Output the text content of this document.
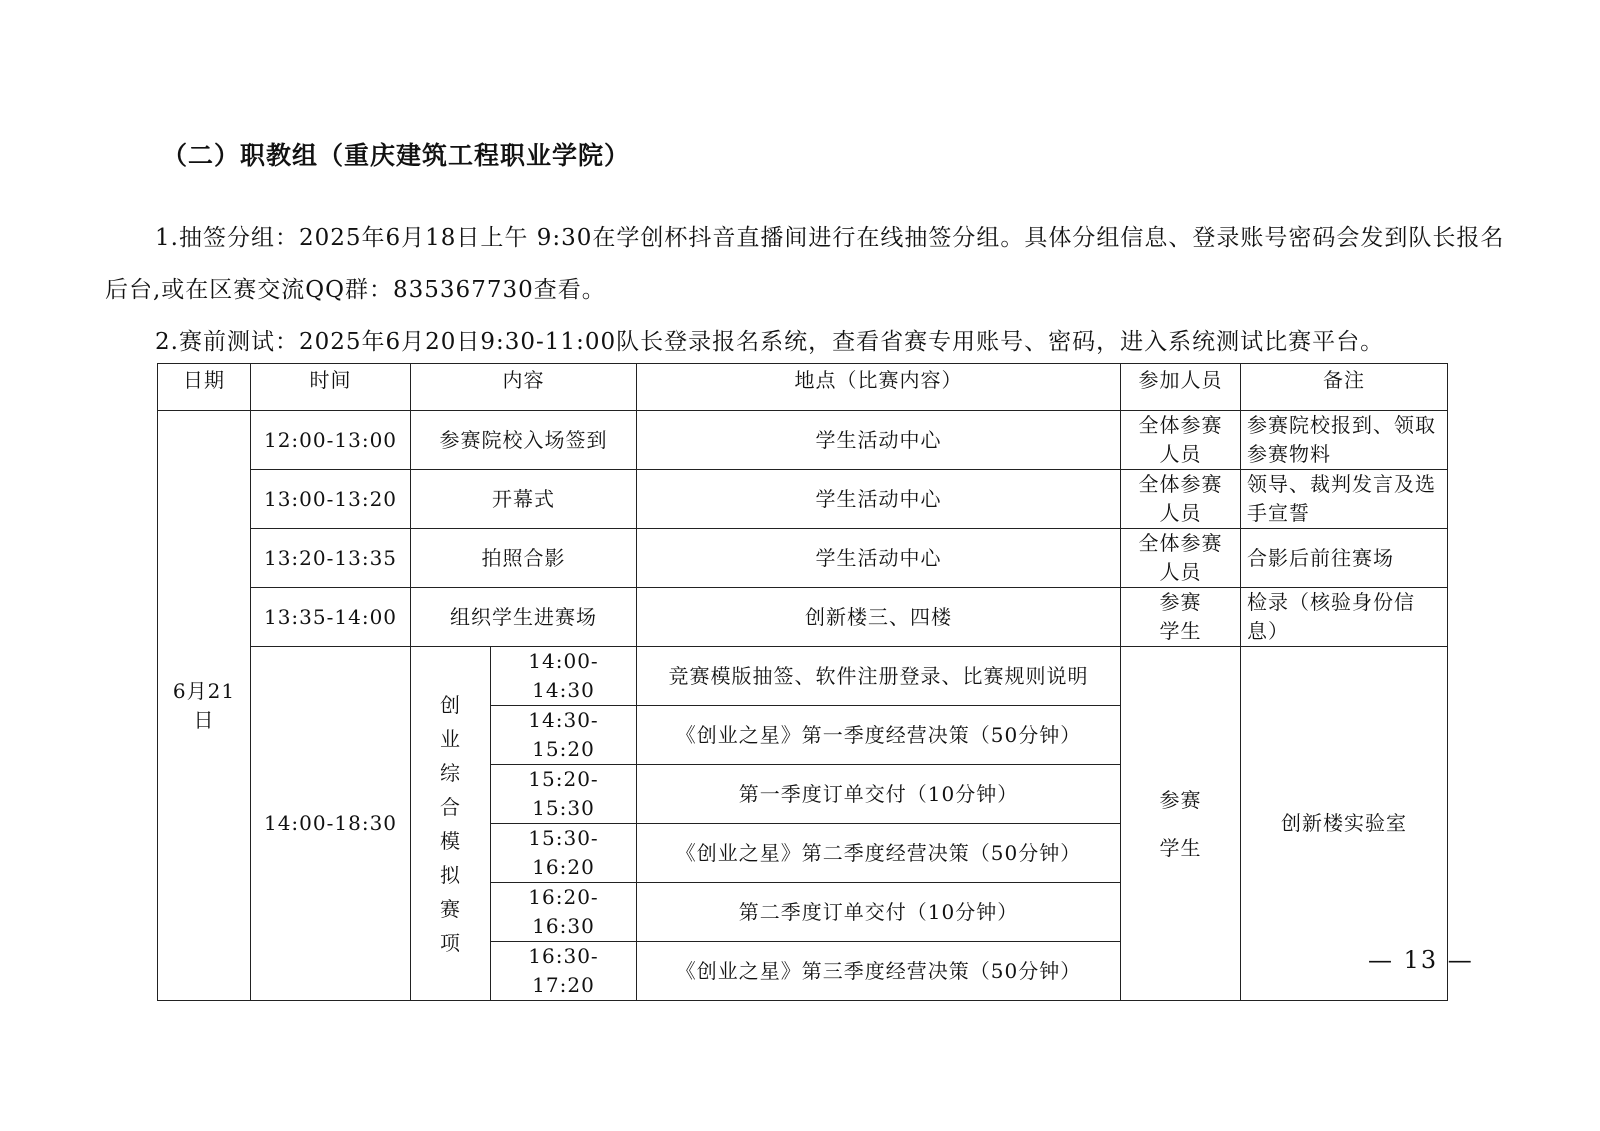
（二）职教组（重庆建筑工程职业学院）
1.抽签分组：2025年6月18日上午 9:30在学创杯抖音直播间进行在线抽签分组。具体分组信息、登录账号密码会发到队长报名后台,或在区赛交流QQ群：835367730查看。
2.赛前测试：2025年6月20日9:30-11:00队长登录报名系统，查看省赛专用账号、密码，进入系统测试比赛平台。
日期	时间	内容		地点（比赛内容）	参加人员	备注
6月21日	12:00-13:00	参赛院校入场签到		学生活动中心	全体参赛人员	参赛院校报到、领取参赛物料
	13:00-13:20	开幕式		学生活动中心	全体参赛人员	领导、裁判发言及选手宣誓
	13:20-13:35	拍照合影		学生活动中心	全体参赛人员	合影后前往赛场
	13:35-14:00	组织学生进赛场		创新楼三、四楼	参赛学生	检录（核验身份信息）
	14:00-18:30	创业综合模拟赛项	14:00-14:30	竞赛模版抽签、软件注册登录、比赛规则说明	参赛学生	创新楼实验室
			14:30-15:20	《创业之星》第一季度经营决策（50分钟）		
			15:20-15:30	第一季度订单交付（10分钟）		
			15:30-16:20	《创业之星》第二季度经营决策（50分钟）		
			16:20-16:30	第二季度订单交付（10分钟）		
			16:30-17:20	《创业之星》第三季度经营决策（50分钟）			— 13 —
